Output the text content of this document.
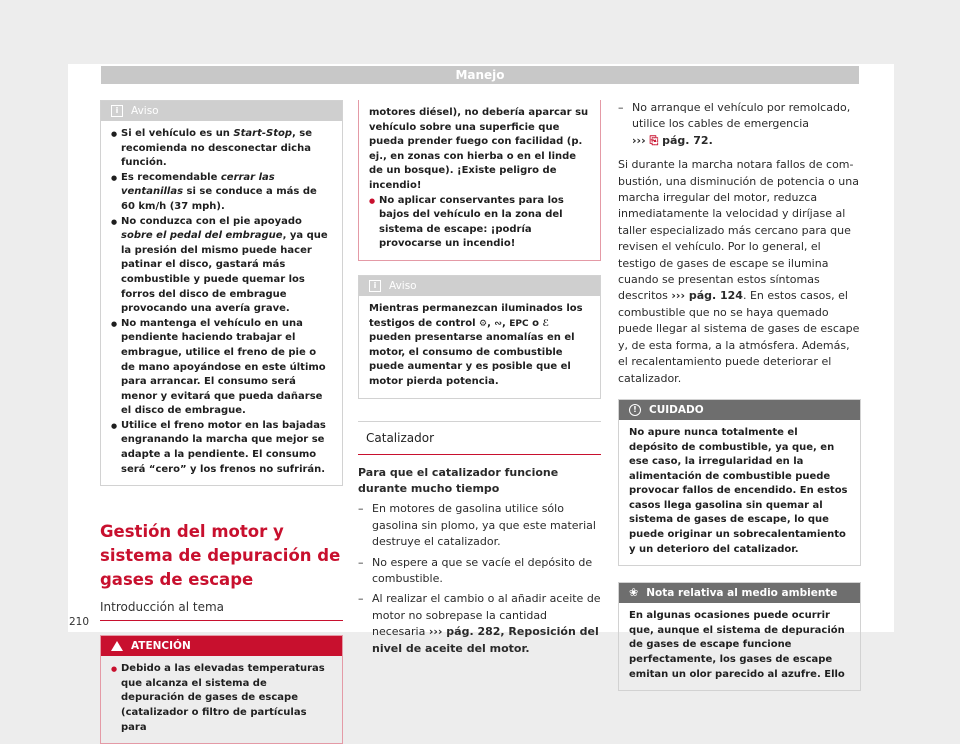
Manejo
i	Aviso
● Si el vehículo es un Start-Stop, se recomienda no desconectar dicha función.
● Es recomendable cerrar las ventanillas si se conduce a más de 60 km/h (37 mph).
● No conduzca con el pie apoyado sobre el pedal del embrague, ya que la presión del mismo puede hacer patinar el disco, gastará más combustible y puede quemar los forros del disco de embrague provocando una avería grave.
● No mantenga el vehículo en una pendiente haciendo trabajar el embrague, utilice el freno de pie o de mano apoyándose en este último para arrancar. El consumo será menor y evitará que pueda dañarse el disco de embrague.
● Utilice el freno motor en las bajadas engranando la marcha que mejor se adapte a la pendiente. El consumo será “cero” y los frenos no sufrirán.
Gestión del motor y sistema de depuración de gases de escape
Introducción al tema
ATENCIÓN
● Debido a las elevadas temperaturas que alcanza el sistema de depuración de gases de escape (catalizador o filtro de partículas para
motores diésel), no debería aparcar su vehículo sobre una superficie que pueda prender fuego con facilidad (p. ej., en zonas con hierba o en el linde de un bosque). ¡Existe peligro de incendio!
● No aplicar conservantes para los bajos del vehículo en la zona del sistema de escape: ¡podría provocarse un incendio!
i	Aviso
Mientras permanezcan iluminados los testigos de control ⚙, ∾, EPC o ℰ pueden presentarse anomalías en el motor, el consumo de combustible puede aumentar y es posible que el motor pierda potencia.
Catalizador
Para que el catalizador funcione durante mucho tiempo
– En motores de gasolina utilice sólo gasolina sin plomo, ya que este material destruye el catalizador.
– No espere a que se vacíe el depósito de combustible.
– Al realizar el cambio o al añadir aceite de motor no sobrepase la cantidad necesaria ››› pág. 282, Reposición del nivel de aceite del motor.
– No arranque el vehículo por remolcado, utilice los cables de emergencia
››› ⎘ pág. 72.
Si durante la marcha notara fallos de combustión, una disminución de potencia o una marcha irregular del motor, reduzca inmediatamente la velocidad y diríjase al taller especializado más cercano para que revisen el vehículo. Por lo general, el testigo de gases de escape se ilumina cuando se presentan estos síntomas descritos ››› pág. 124. En estos casos, el combustible que no se haya quemado puede llegar al sistema de gases de escape y, de esta forma, a la atmósfera. Además, el recalentamiento puede deteriorar el catalizador.
!	CUIDADO
No apure nunca totalmente el depósito de combustible, ya que, en ese caso, la irregularidad en la alimentación de combustible puede provocar fallos de encendido. En estos casos llega gasolina sin quemar al sistema de gases de escape, lo que puede originar un sobrecalentamiento y un deterioro del catalizador.
❀ Nota relativa al medio ambiente
En algunas ocasiones puede ocurrir que, aunque el sistema de depuración de gases de escape funcione perfectamente, los gases de escape emitan un olor parecido al azufre. Ello
210
